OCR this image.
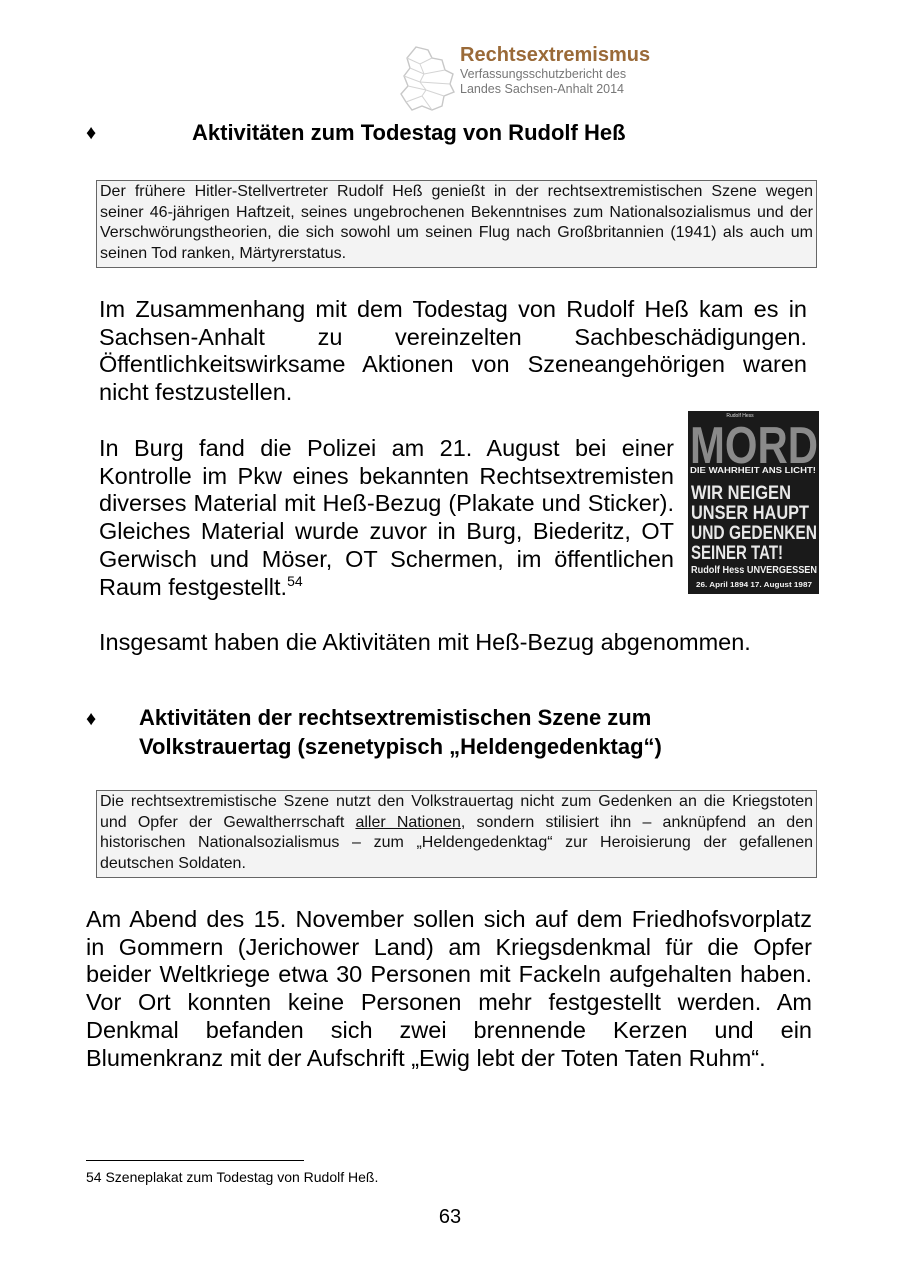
Rechtsextremismus
Verfassungsschutzbericht des
Landes Sachsen-Anhalt 2014
♦	Aktivitäten zum Todestag von Rudolf Heß

Der frühere Hitler-Stellvertreter Rudolf Heß genießt in der rechtsextremistischen Szene wegen seiner 46-jährigen Haftzeit, seines ungebrochenen Bekenntnises zum Nationalsozialismus und der Verschwörungstheorien, die sich sowohl um seinen Flug nach Großbritannien (1941) als auch um seinen Tod ranken, Märtyrerstatus.

Im Zusammenhang mit dem Todestag von Rudolf Heß kam es in Sachsen-Anhalt zu vereinzelten Sachbeschädigungen. Öffentlichkeitswirksame Aktionen von Szeneangehörigen waren nicht festzustellen.

In Burg fand die Polizei am 21. August bei einer Kontrolle im Pkw eines bekannten Rechtsextremisten diverses Material mit Heß-Bezug (Plakate und Sticker). Gleiches Material wurde zuvor in Burg, Biederitz, OT Gerwisch und Möser, OT Schermen, im öffentlichen Raum festgestellt.$^{54}$

Rudolf Hess
MORD
DIE WAHRHEIT ANS LICHT!
WIR NEIGEN
UNSER HAUPT
UND GEDENKEN
SEINER TAT!
Rudolf Hess UNVERGESSEN
26. April 1894 17. August 1987

Insgesamt haben die Aktivitäten mit Heß-Bezug abgenommen.

♦ Aktivitäten der rechtsextremistischen Szene zum
Volkstrauertag (szenetypisch „Heldengedenktag“)

Die rechtsextremistische Szene nutzt den Volkstrauertag nicht zum Gedenken an die Kriegstoten und Opfer der Gewaltherrschaft aller Nationen, sondern stilisiert ihn – anknüpfend an den historischen Nationalsozialismus – zum „Heldengedenktag“ zur Heroisierung der gefallenen deutschen Soldaten.

Am Abend des 15. November sollen sich auf dem Friedhofsvorplatz in Gommern (Jerichower Land) am Kriegsdenkmal für die Opfer beider Weltkriege etwa 30 Personen mit Fackeln aufgehalten haben. Vor Ort konnten keine Personen mehr festgestellt werden. Am Denkmal befanden sich zwei brennende Kerzen und ein Blumenkranz mit der Aufschrift „Ewig lebt der Toten Taten Ruhm“.

54 Szeneplakat zum Todestag von Rudolf Heß.
63
